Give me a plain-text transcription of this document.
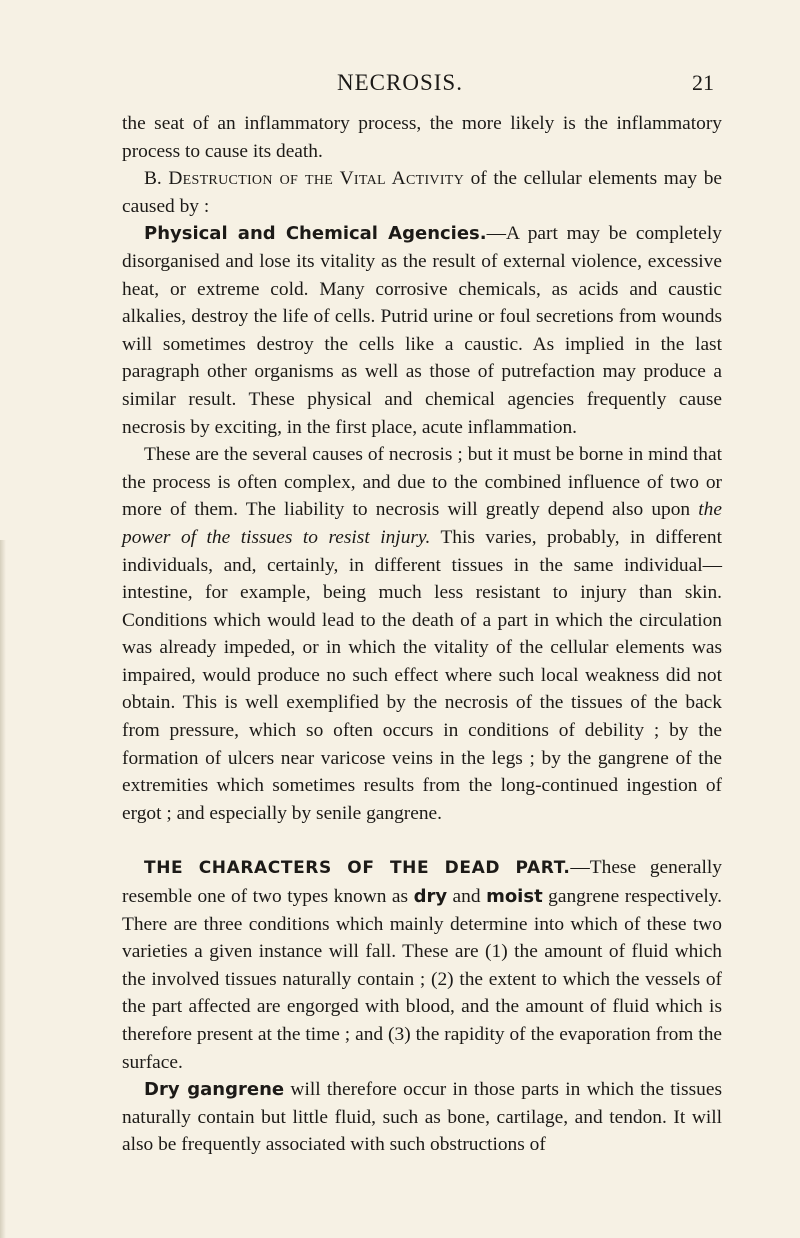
NECROSIS.	21

the seat of an inflammatory process, the more likely is the inflammatory process to cause its death.

B. Destruction of the Vital Activity of the cellular elements may be caused by :

Physical and Chemical Agencies.—A part may be completely disorganised and lose its vitality as the result of external violence, excessive heat, or extreme cold. Many corrosive chemicals, as acids and caustic alkalies, destroy the life of cells. Putrid urine or foul secretions from wounds will sometimes destroy the cells like a caustic. As implied in the last paragraph other organisms as well as those of putrefaction may produce a similar result. These physical and chemical agencies frequently cause necrosis by exciting, in the first place, acute inflammation.

These are the several causes of necrosis ; but it must be borne in mind that the process is often complex, and due to the combined influence of two or more of them. The liability to necrosis will greatly depend also upon the power of the tissues to resist injury. This varies, probably, in different individuals, and, certainly, in different tissues in the same individual—intestine, for example, being much less resistant to injury than skin. Conditions which would lead to the death of a part in which the circulation was already impeded, or in which the vitality of the cellular elements was impaired, would produce no such effect where such local weakness did not obtain. This is well exemplified by the necrosis of the tissues of the back from pressure, which so often occurs in conditions of debility ; by the formation of ulcers near varicose veins in the legs ; by the gangrene of the extremities which sometimes results from the long-continued ingestion of ergot ; and especially by senile gangrene.

THE CHARACTERS OF THE DEAD PART.—These generally resemble one of two types known as dry and moist gangrene respectively. There are three conditions which mainly determine into which of these two varieties a given instance will fall. These are (1) the amount of fluid which the involved tissues naturally contain ; (2) the extent to which the vessels of the part affected are engorged with blood, and the amount of fluid which is therefore present at the time ; and (3) the rapidity of the evaporation from the surface.

Dry gangrene will therefore occur in those parts in which the tissues naturally contain but little fluid, such as bone, cartilage, and tendon. It will also be frequently associated with such obstructions of
